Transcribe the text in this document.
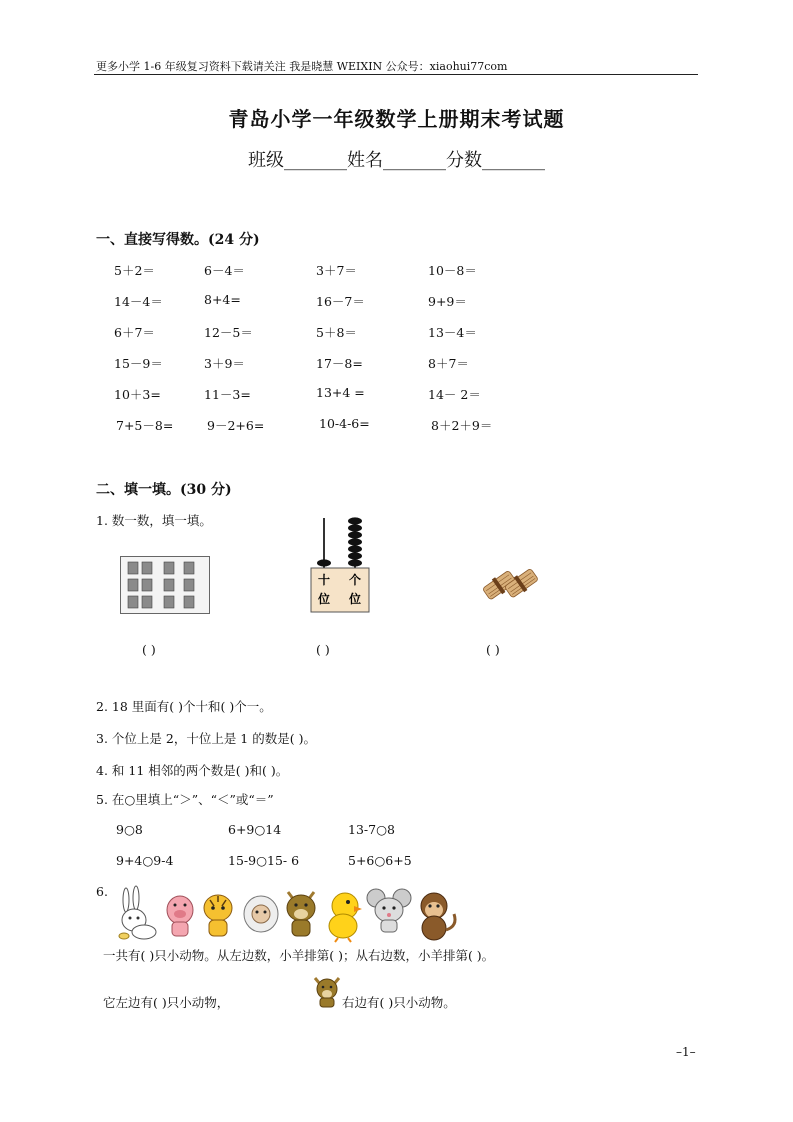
更多小学 1-6 年级复习资料下载请关注 我是晓慧 WEIXIN 公众号：xiaohui77com
青岛小学一年级数学上册期末考试题
班级_______姓名_______分数_______
一、直接写得数。(24 分)
5＋2＝	6－4＝	3＋7＝	10－8＝
14－4＝	8+4=	16－7＝	9+9＝
6＋7＝	12－5＝	5＋8＝	13－4＝
15－9＝	3＋9＝	17－8=	8＋7＝
10＋3=	11－3=	13+4 =	14－ 2＝
7+5－8=	9－2+6=	10-4-6=	8＋2＋9＝
二、填一填。(30 分)
1. 数一数，填一填。
十 个
位 位
( )	( )	( )
2. 18 里面有( )个十和( )个一。
3. 个位上是 2，十位上是 1 的数是( )。
4. 和 11 相邻的两个数是( )和( )。
5. 在○里填上“＞”、“＜”或“＝”
9○8	6+9○14	13-7○8
9+4○9-4	15-9○15- 6	5+6○6+5
6.
一共有( )只小动物。从左边数，小羊排第( )；从右边数，小羊排第( )。
它左边有( )只小动物，	右边有( )只小动物。
–1–
